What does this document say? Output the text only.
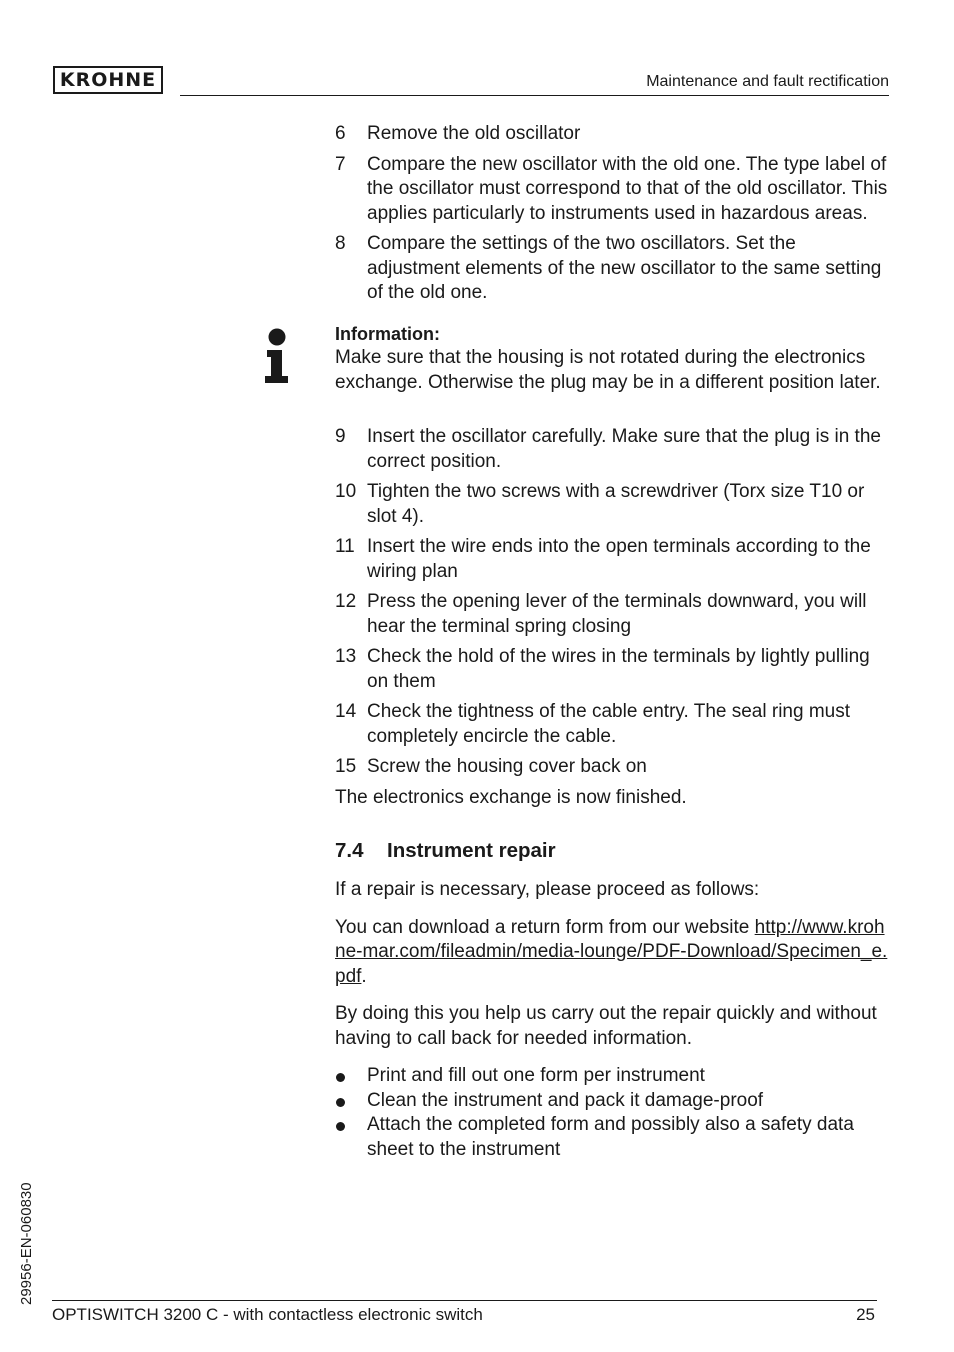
KROHNE	Maintenance and fault rectification
6	Remove the old oscillator
7	Compare the new oscillator with the old one. The type label of the oscillator must correspond to that of the old oscillator. This applies particularly to instruments used in hazardous areas.
8	Compare the settings of the two oscillators. Set the adjustment elements of the new oscillator to the same setting of the old one.
Information:

Make sure that the housing is not rotated during the electronics exchange. Otherwise the plug may be in a different position later.

9	Insert the oscillator carefully. Make sure that the plug is in the correct position.
10 Tighten the two screws with a screwdriver (Torx size T10 or slot 4).
11 Insert the wire ends into the open terminals according to the wiring plan
12 Press the opening lever of the terminals downward, you will hear the terminal spring closing
13 Check the hold of the wires in the terminals by lightly pulling on them
14 Check the tightness of the cable entry. The seal ring must completely encircle the cable.
15 Screw the housing cover back on

The electronics exchange is now finished.

7.4 Instrument repair

If a repair is necessary, please proceed as follows:

You can download a return form from our website http://www.krohne-mar.com/fileadmin/media-lounge/PDF-Download/Specimen_e.pdf.

By doing this you help us carry out the repair quickly and without having to call back for needed information.

Print and fill out one form per instrument
Clean the instrument and pack it damage-proof
Attach the completed form and possibly also a safety data sheet to the instrument
29956-EN-060830
OPTISWITCH 3200 C - with contactless electronic switch	25
